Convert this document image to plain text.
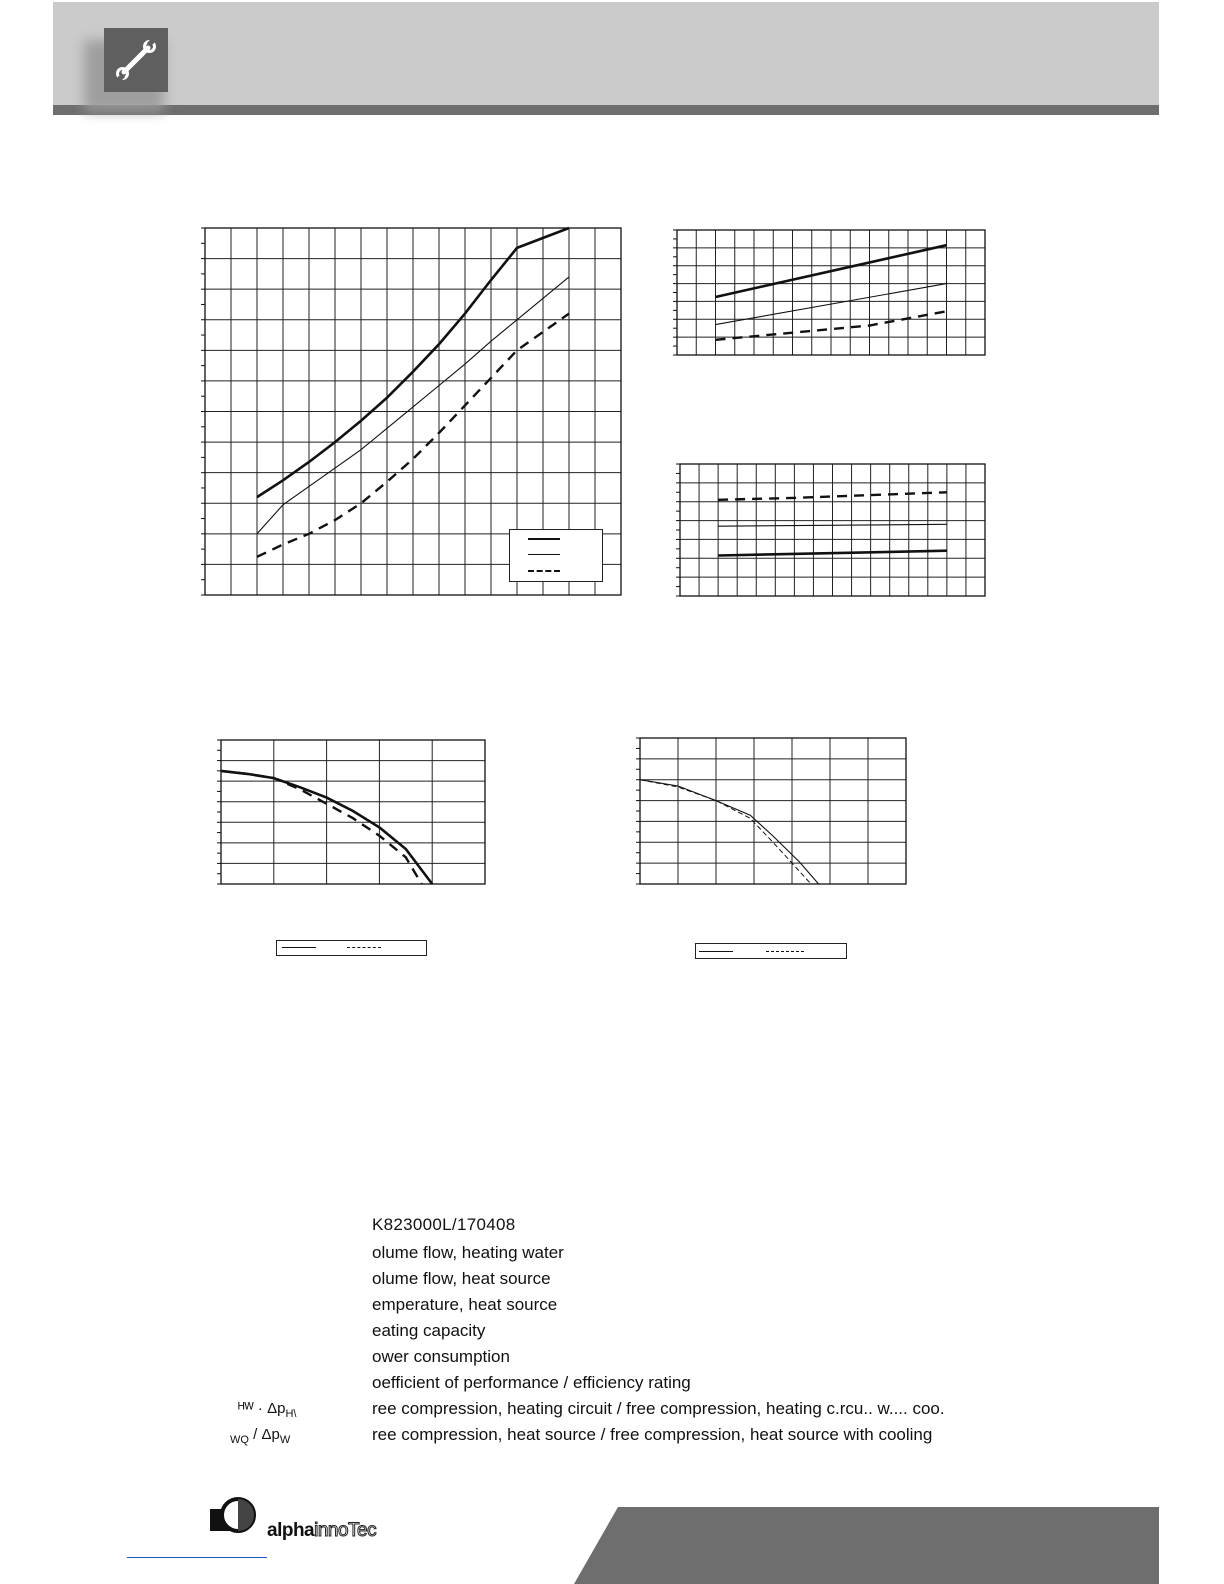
K823000L/170408
olume flow, heating water
olume flow, heat source
emperature, heat source
eating capacity
ower consumption
oefficient of performance / efficiency rating
ree compression, heating circuit / free compression, heating c.rcu.. w.... coo.
ree compression, heat source / free compression, heat source with cooling
ᴴᵂ · $\Delta p_{H\backslash}$
$_{WQ} / \Delta p_W$
alphainnoTec
